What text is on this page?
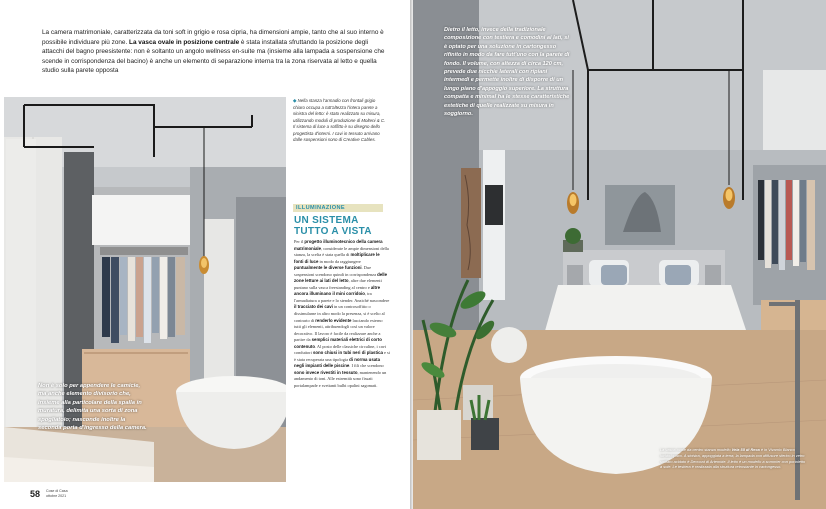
La camera matrimoniale, caratterizzata da toni soft in grigio e rosa cipria, ha dimensioni ampie, tanto che al suo interno è possibile individuare più zone. La vasca ovale in posizione centrale è stata installata sfruttando la posizione degli attacchi del bagno preesistente: non è soltanto un angolo wellness en-suite ma (insieme alla lampada a sospensione che scende in corrispondenza del bacino) è anche un elemento di separazione interna tra la zona riservata al letto e quella studio sulla parete opposta
Non è solo per appendere le camicie, ma anche elemento divisorio che, insieme alla particolare della spalla in muratura, delimita una sorta di zona spogliatoio; nasconde inoltre la seconda porta d'ingresso della camera.
◆ Nella stanza l'armadio con frontali grigio chiaro occupa a tutt'altezza l'intera parete a sinistra del letto: è stato realizzato su misura, utilizzando moduli di produzione di Molteni & C. Il sistema di luce a soffitto è su disegno dello progettista d'interni. I cavi in tessuto arrivano dalle sospensioni sono di Creative Cables.
ILLUMINAZIONE
UN SISTEMA
TUTTO A VISTA
Per il progetto illuminotecnico della camera matrimoniale, considerate le ampie dimensioni della stanza, la scelta è stata quella di moltiplicare le fonti di luce in modo da raggiungere puntualmente le diverse funzioni. Due sospensioni scendono quindi in corrispondenza delle zone letture ai lati del letto, altre due elementi puntano sulla vasca freestanding al centro e altre ancora illuminano il mini corridoio, tra l'armadiatura a parete e lo stender. Anziché nascondere il tracciato dei cavi in un controsoffitto o dissimularne in altro modo la presenza, si è scelto al contrario di renderlo evidente lasciando esterno tutti gli elementi, attribuendogli così un valore decorativo. Il lavoro è facile da realizzare anche a partire da semplici materiali elettrici di corto contenuto. Al posto delle classiche circuline, i cavi conduttori sono chiusi in tubi neri di plastica e si è stata recuperata una tipologia di norma usata negli impianti delle piscine. I fili che scendono sono invece rivestiti in tessuto, mantenendo un andamento di toni. Alle estremità sono fissati portalampade e svettanti bulbi opalini sagomati.
58 Cose di Casa
ottobre 2021
Dietro il letto, invece della tradizionale composizione con testiera e comodini ai lati, si è optato per una soluzione in cartongesso rifinito in modo da fare tutt'uno con la parete di fondo. Il volume, con altezza di circa 120 cm, prevede due nicchie laterali con ripiani intermedi e permette inoltre di disporre di un lungo piano d'appoggio superiore. La struttura compatta e minimal ha le stesse caratteristiche estetiche di quelle realizzate su misura in soggiorno.
La vasca ovale da centro stanza modello Vela 55 di Reca è in Vivamix Bianco lucido/opaco. A sinistra, appoggiata a terra, la lampada con diffusore sferico in vetro soffiato acidato è Decocat di Artemide. Il letto è un modello a sommier con portaletto a sole. Le testiera è realizzata alla struttura retrostante in cartongesso.
